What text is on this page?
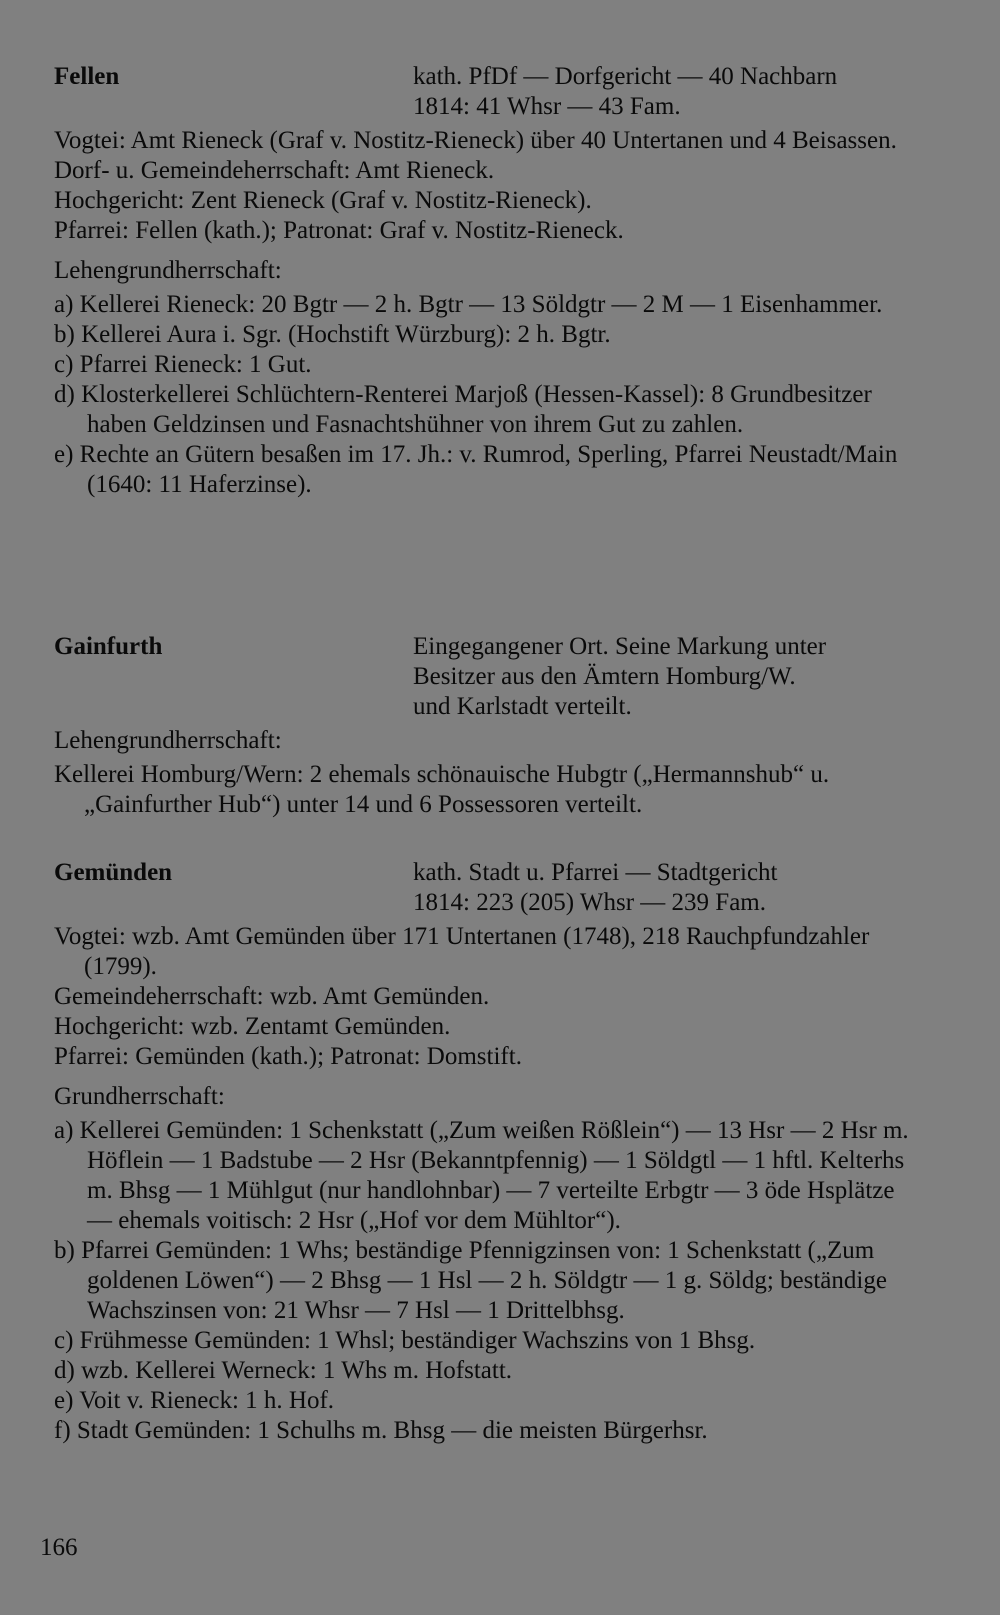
Fellen	kath. PfDf — Dorfgericht — 40 Nachbarn
1814: 41 Whsr — 43 Fam.
Vogtei: Amt Rieneck (Graf v. Nostitz-Rieneck) über 40 Untertanen und 4 Beisassen.
Dorf- u. Gemeindeherrschaft: Amt Rieneck.
Hochgericht: Zent Rieneck (Graf v. Nostitz-Rieneck).
Pfarrei: Fellen (kath.); Patronat: Graf v. Nostitz-Rieneck.
Lehengrundherrschaft:
a) Kellerei Rieneck: 20 Bgtr — 2 h. Bgtr — 13 Söldgtr — 2 M — 1 Eisenhammer.
b) Kellerei Aura i. Sgr. (Hochstift Würzburg): 2 h. Bgtr.
c) Pfarrei Rieneck: 1 Gut.
d) Klosterkellerei Schlüchtern-Renterei Marjoß (Hessen-Kassel): 8 Grundbesitzer haben Geldzinsen und Fasnachtshühner von ihrem Gut zu zahlen.
e) Rechte an Gütern besaßen im 17. Jh.: v. Rumrod, Sperling, Pfarrei Neustadt/Main (1640: 11 Haferzinse).
Gainfurth	Eingegangener Ort. Seine Markung unter
Besitzer aus den Ämtern Homburg/W.
und Karlstadt verteilt.
Lehengrundherrschaft:
Kellerei Homburg/Wern: 2 ehemals schönauische Hubgtr („Hermannshub“ u. „Gainfurther Hub“) unter 14 und 6 Possessoren verteilt.
Gemünden	kath. Stadt u. Pfarrei — Stadtgericht
1814: 223 (205) Whsr — 239 Fam.
Vogtei: wzb. Amt Gemünden über 171 Untertanen (1748), 218 Rauchpfundzahler (1799).
Gemeindeherrschaft: wzb. Amt Gemünden.
Hochgericht: wzb. Zentamt Gemünden.
Pfarrei: Gemünden (kath.); Patronat: Domstift.
Grundherrschaft:
a) Kellerei Gemünden: 1 Schenkstatt („Zum weißen Rößlein“) — 13 Hsr — 2 Hsr m. Höflein — 1 Badstube — 2 Hsr (Bekanntpfennig) — 1 Söldgtl — 1 hftl. Kelterhs m. Bhsg — 1 Mühlgut (nur handlohnbar) — 7 verteilte Erbgtr — 3 öde Hsplätze — ehemals voitisch: 2 Hsr („Hof vor dem Mühltor“).
b) Pfarrei Gemünden: 1 Whs; beständige Pfennigzinsen von: 1 Schenkstatt („Zum goldenen Löwen“) — 2 Bhsg — 1 Hsl — 2 h. Söldgtr — 1 g. Söldg; beständige Wachszinsen von: 21 Whsr — 7 Hsl — 1 Drittelbhsg.
c) Frühmesse Gemünden: 1 Whsl; beständiger Wachszins von 1 Bhsg.
d) wzb. Kellerei Werneck: 1 Whs m. Hofstatt.
e) Voit v. Rieneck: 1 h. Hof.
f) Stadt Gemünden: 1 Schulhs m. Bhsg — die meisten Bürgerhsr.
166
